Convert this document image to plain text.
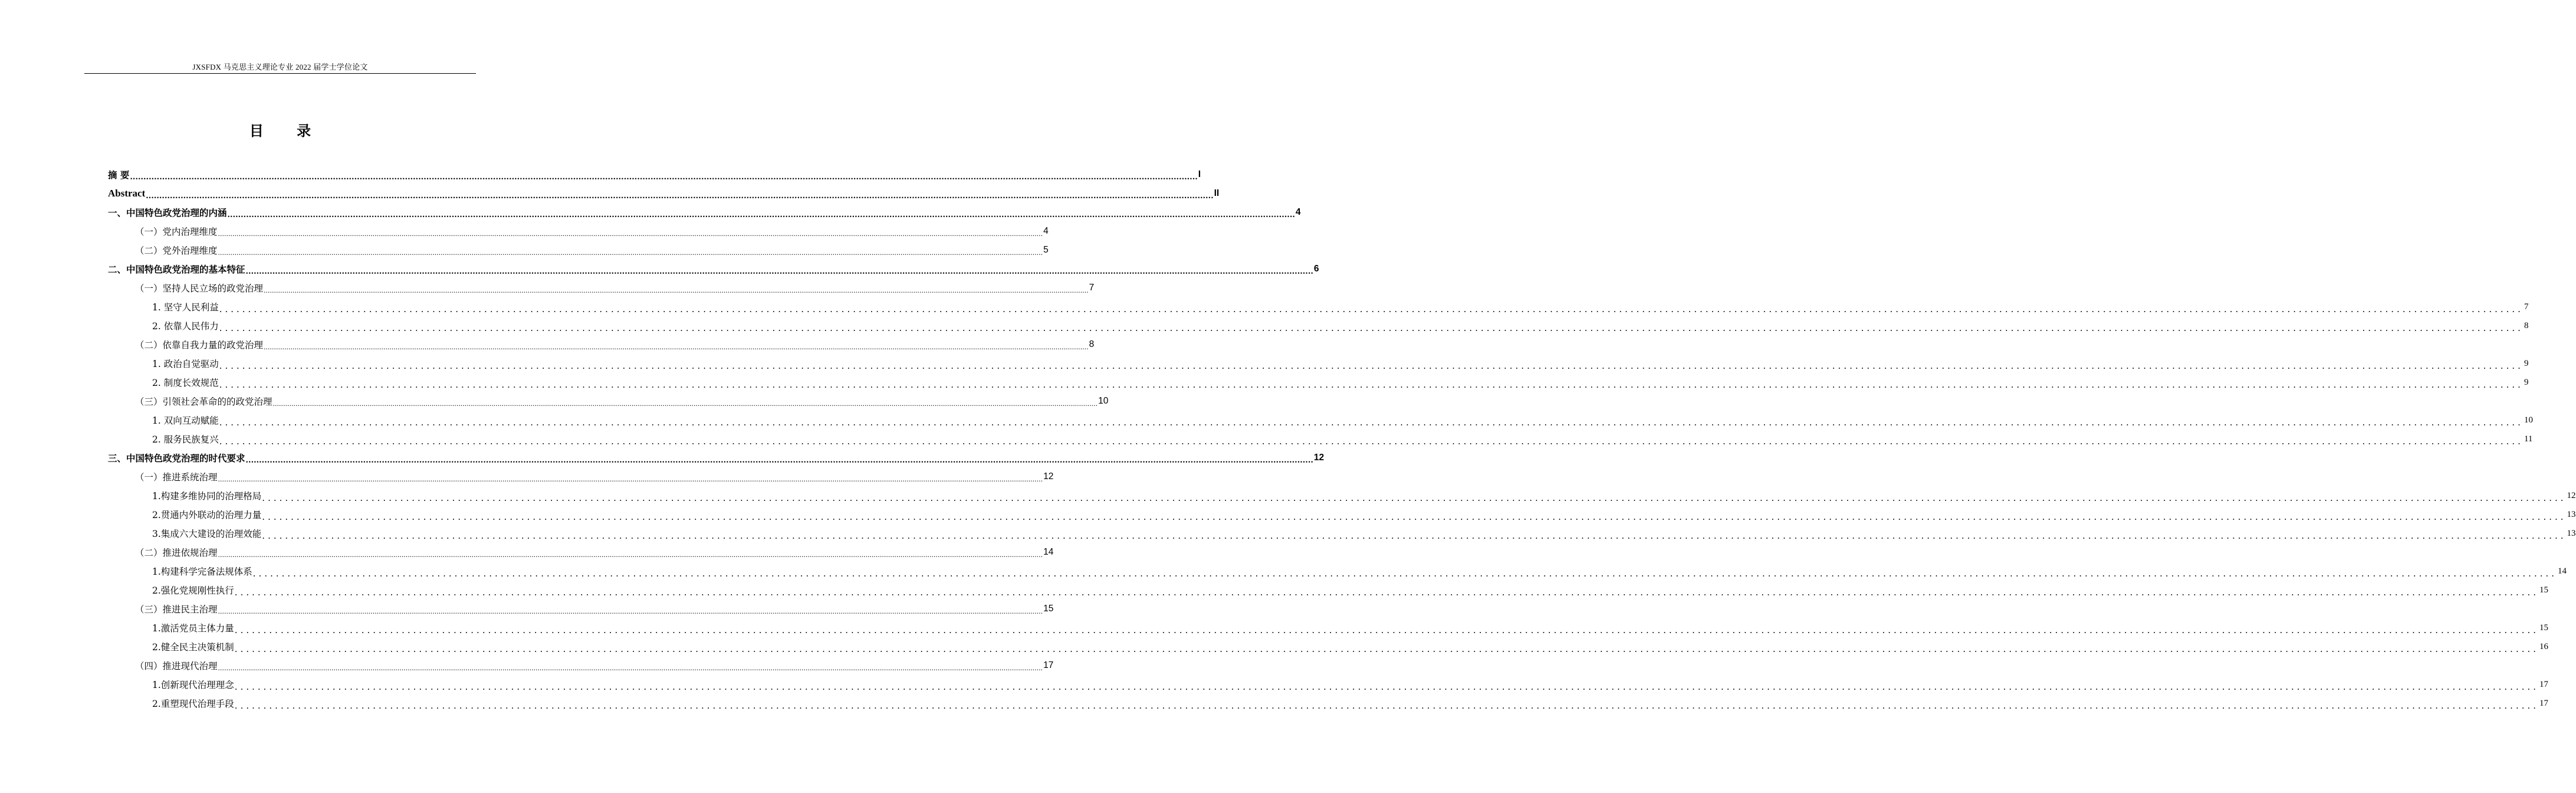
JXSFDX 马克思主义理论专业 2022 届学士学位论文
目 录
摘 要 ................................................................................................................................................................................................................................................................................................................................................................................................................ I
Abstract ................................................................................................................................................................................................................................................................................................................................................................................................................ II
一、中国特色政党治理的内涵 ................................................................................................................................................................................................................................................................................................................................................................................................................ 4
（一）党内治理维度 ................................................................................................................................................................................................................................................................................................................................................................................................................ 4
（二）党外治理维度 ................................................................................................................................................................................................................................................................................................................................................................................................................ 5
二、中国特色政党治理的基本特征 ................................................................................................................................................................................................................................................................................................................................................................................................................ 6
（一）坚持人民立场的政党治理 ................................................................................................................................................................................................................................................................................................................................................................................................................ 7
1. 坚守人民利益 ................................................................................................................................................................................................................................................................................................................................................................................................................ 7
2. 依靠人民伟力 ................................................................................................................................................................................................................................................................................................................................................................................................................ 8
（二）依靠自我力量的政党治理 ................................................................................................................................................................................................................................................................................................................................................................................................................ 8
1. 政治自觉驱动 ................................................................................................................................................................................................................................................................................................................................................................................................................ 9
2. 制度长效规范 ................................................................................................................................................................................................................................................................................................................................................................................................................ 9
（三）引领社会革命的的政党治理 ................................................................................................................................................................................................................................................................................................................................................................................................................ 10
1. 双向互动赋能 ................................................................................................................................................................................................................................................................................................................................................................................................................ 10
2. 服务民族复兴 ................................................................................................................................................................................................................................................................................................................................................................................................................ 11
三、中国特色政党治理的时代要求 ................................................................................................................................................................................................................................................................................................................................................................................................................ 12
（一）推进系统治理 ................................................................................................................................................................................................................................................................................................................................................................................................................ 12
1.构建多维协同的治理格局 ................................................................................................................................................................................................................................................................................................................................................................................................................ 12
2.贯通内外联动的治理力量 ................................................................................................................................................................................................................................................................................................................................................................................................................ 13
3.集成六大建设的治理效能 ................................................................................................................................................................................................................................................................................................................................................................................................................ 13
（二）推进依规治理 ................................................................................................................................................................................................................................................................................................................................................................................................................ 14
1.构建科学完备法规体系 ................................................................................................................................................................................................................................................................................................................................................................................................................ 14
2.强化党规刚性执行 ................................................................................................................................................................................................................................................................................................................................................................................................................ 15
（三）推进民主治理 ................................................................................................................................................................................................................................................................................................................................................................................................................ 15
1.激活党员主体力量 ................................................................................................................................................................................................................................................................................................................................................................................................................ 15
2.健全民主决策机制 ................................................................................................................................................................................................................................................................................................................................................................................................................ 16
（四）推进现代治理 ................................................................................................................................................................................................................................................................................................................................................................................................................ 17
1.创新现代治理理念 ................................................................................................................................................................................................................................................................................................................................................................................................................ 17
2.重塑现代治理手段 ................................................................................................................................................................................................................................................................................................................................................................................................................ 17
